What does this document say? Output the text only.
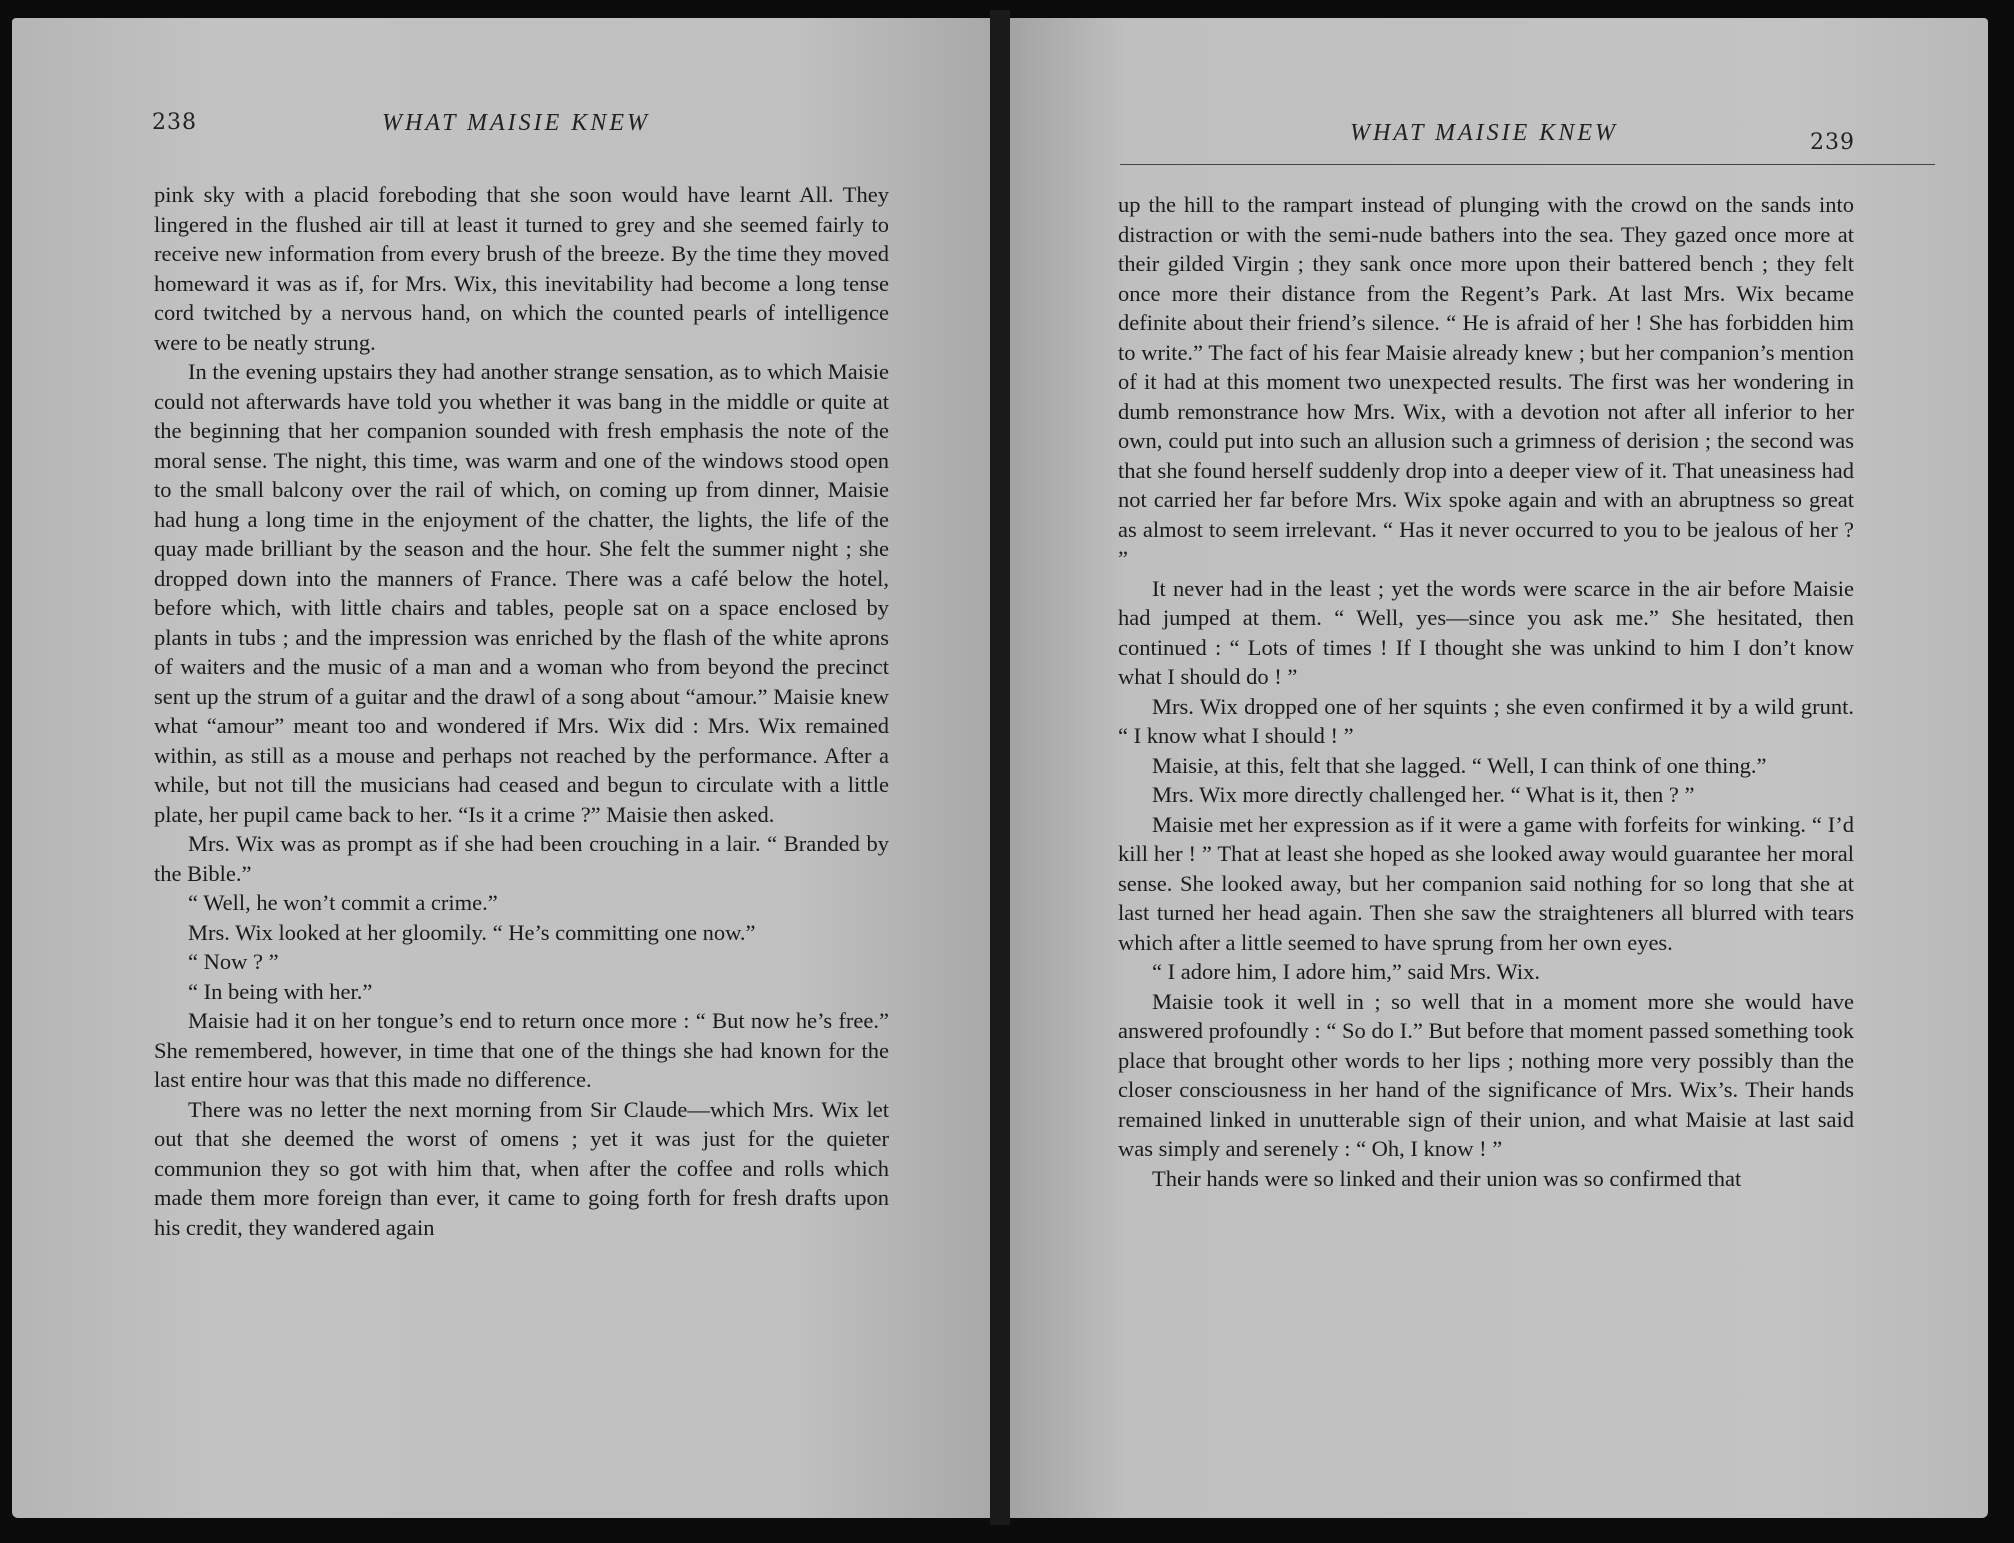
238	WHAT MAISIE KNEW

pink sky with a placid foreboding that she soon would have learnt All. They lingered in the flushed air till at least it turned to grey and she seemed fairly to receive new information from every brush of the breeze. By the time they moved homeward it was as if, for Mrs. Wix, this inevitability had become a long tense cord twitched by a nervous hand, on which the counted pearls of intelligence were to be neatly strung.

In the evening upstairs they had another strange sensation, as to which Maisie could not afterwards have told you whether it was bang in the middle or quite at the beginning that her companion sounded with fresh emphasis the note of the moral sense. The night, this time, was warm and one of the windows stood open to the small balcony over the rail of which, on coming up from dinner, Maisie had hung a long time in the enjoyment of the chatter, the lights, the life of the quay made brilliant by the season and the hour. She felt the summer night ; she dropped down into the manners of France. There was a café below the hotel, before which, with little chairs and tables, people sat on a space enclosed by plants in tubs ; and the impression was enriched by the flash of the white aprons of waiters and the music of a man and a woman who from beyond the precinct sent up the strum of a guitar and the drawl of a song about “amour.” Maisie knew what “amour” meant too and wondered if Mrs. Wix did : Mrs. Wix remained within, as still as a mouse and perhaps not reached by the performance. After a while, but not till the musicians had ceased and begun to circulate with a little plate, her pupil came back to her. “Is it a crime ?” Maisie then asked.

Mrs. Wix was as prompt as if she had been crouching in a lair. “ Branded by the Bible.”

“ Well, he won’t commit a crime.”

Mrs. Wix looked at her gloomily. “ He’s committing one now.”

“ Now ? ”

“ In being with her.”

Maisie had it on her tongue’s end to return once more : “ But now he’s free.” She remembered, however, in time that one of the things she had known for the last entire hour was that this made no difference.

There was no letter the next morning from Sir Claude—which Mrs. Wix let out that she deemed the worst of omens ; yet it was just for the quieter communion they so got with him that, when after the coffee and rolls which made them more foreign than ever, it came to going forth for fresh drafts upon his credit, they wandered again

WHAT MAISIE KNEW	239

up the hill to the rampart instead of plunging with the crowd on the sands into distraction or with the semi-nude bathers into the sea. They gazed once more at their gilded Virgin ; they sank once more upon their battered bench ; they felt once more their distance from the Regent’s Park. At last Mrs. Wix became definite about their friend’s silence. “ He is afraid of her ! She has forbidden him to write.” The fact of his fear Maisie already knew ; but her companion’s mention of it had at this moment two unexpected results. The first was her wondering in dumb remonstrance how Mrs. Wix, with a devotion not after all inferior to her own, could put into such an allusion such a grimness of derision ; the second was that she found herself suddenly drop into a deeper view of it. That uneasiness had not carried her far before Mrs. Wix spoke again and with an abruptness so great as almost to seem irrelevant. “ Has it never occurred to you to be jealous of her ? ”

It never had in the least ; yet the words were scarce in the air before Maisie had jumped at them. “ Well, yes—since you ask me.” She hesitated, then continued : “ Lots of times ! If I thought she was unkind to him I don’t know what I should do ! ”

Mrs. Wix dropped one of her squints ; she even confirmed it by a wild grunt. “ I know what I should ! ”

Maisie, at this, felt that she lagged. “ Well, I can think of one thing.”

Mrs. Wix more directly challenged her. “ What is it, then ? ”

Maisie met her expression as if it were a game with forfeits for winking. “ I’d kill her ! ” That at least she hoped as she looked away would guarantee her moral sense. She looked away, but her companion said nothing for so long that she at last turned her head again. Then she saw the straighteners all blurred with tears which after a little seemed to have sprung from her own eyes.

“ I adore him, I adore him,” said Mrs. Wix.

Maisie took it well in ; so well that in a moment more she would have answered profoundly : “ So do I.” But before that moment passed something took place that brought other words to her lips ; nothing more very possibly than the closer consciousness in her hand of the significance of Mrs. Wix’s. Their hands remained linked in unutterable sign of their union, and what Maisie at last said was simply and serenely : “ Oh, I know ! ”

Their hands were so linked and their union was so confirmed that
